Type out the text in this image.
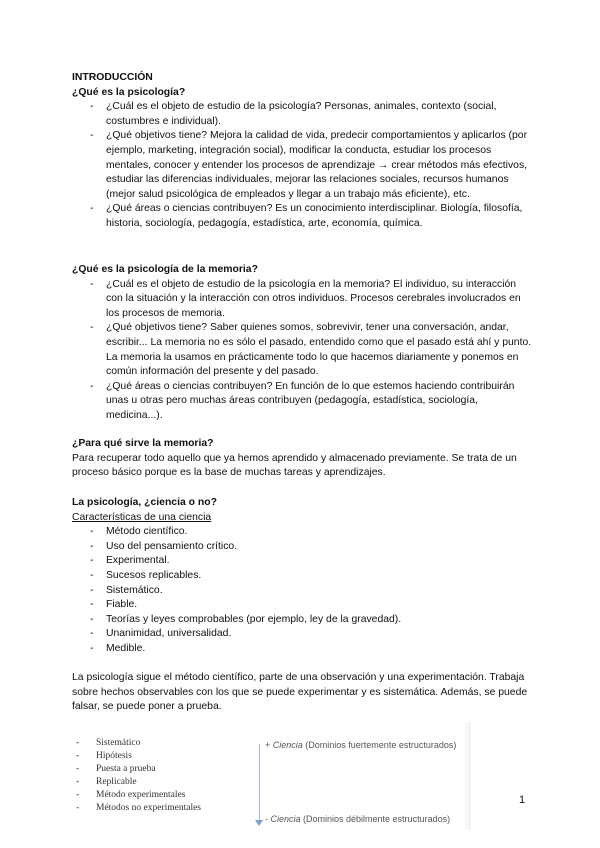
INTRODUCCIÓN
¿Qué es la psicología?
- ¿Cuál es el objeto de estudio de la psicología? Personas, animales, contexto (social, costumbres e individual).
- ¿Qué objetivos tiene? Mejora la calidad de vida, predecir comportamientos y aplicarlos (por ejemplo, marketing, integración social), modificar la conducta, estudiar los procesos mentales, conocer y entender los procesos de aprendizaje → crear métodos más efectivos, estudiar las diferencias individuales, mejorar las relaciones sociales, recursos humanos (mejor salud psicológica de empleados y llegar a un trabajo más eficiente), etc.
- ¿Qué áreas o ciencias contribuyen? Es un conocimiento interdisciplinar. Biología, filosofía, historia, sociología, pedagogía, estadística, arte, economía, química.
¿Qué es la psicología de la memoria?
- ¿Cuál es el objeto de estudio de la psicología en la memoria? El individuo, su interacción con la situación y la interacción con otros individuos. Procesos cerebrales involucrados en los procesos de memoria.
- ¿Qué objetivos tiene? Saber quienes somos, sobrevivir, tener una conversación, andar, escribir... La memoria no es sólo el pasado, entendido como que el pasado está ahí y punto. La memoria la usamos en prácticamente todo lo que hacemos diariamente y ponemos en común información del presente y del pasado.
- ¿Qué áreas o ciencias contribuyen? En función de lo que estemos haciendo contribuirán unas u otras pero muchas áreas contribuyen (pedagogía, estadística, sociología, medicina...).
¿Para qué sirve la memoria?
Para recuperar todo aquello que ya hemos aprendido y almacenado previamente. Se trata de un proceso básico porque es la base de muchas tareas y aprendizajes.
La psicología, ¿ciencia o no?
Características de una ciencia
- Método científico.
- Uso del pensamiento crítico.
- Experimental.
- Sucesos replicables.
- Sistemático.
- Fiable.
- Teorías y leyes comprobables (por ejemplo, ley de la gravedad).
- Unanimidad, universalidad.
- Medible.
La psicología sigue el método científico, parte de una observación y una experimentación. Trabaja sobre hechos observables con los que se puede experimentar y es sistemática. Además, se puede falsar, se puede poner a prueba.
- Sistemático
- Hipótesis
- Puesta a prueba
- Replicable
- Método experimentales
- Métodos no experimentales
+ Ciencia (Dominios fuertemente estructurados)
- Ciencia (Dominios débilmente estructurados)
1
